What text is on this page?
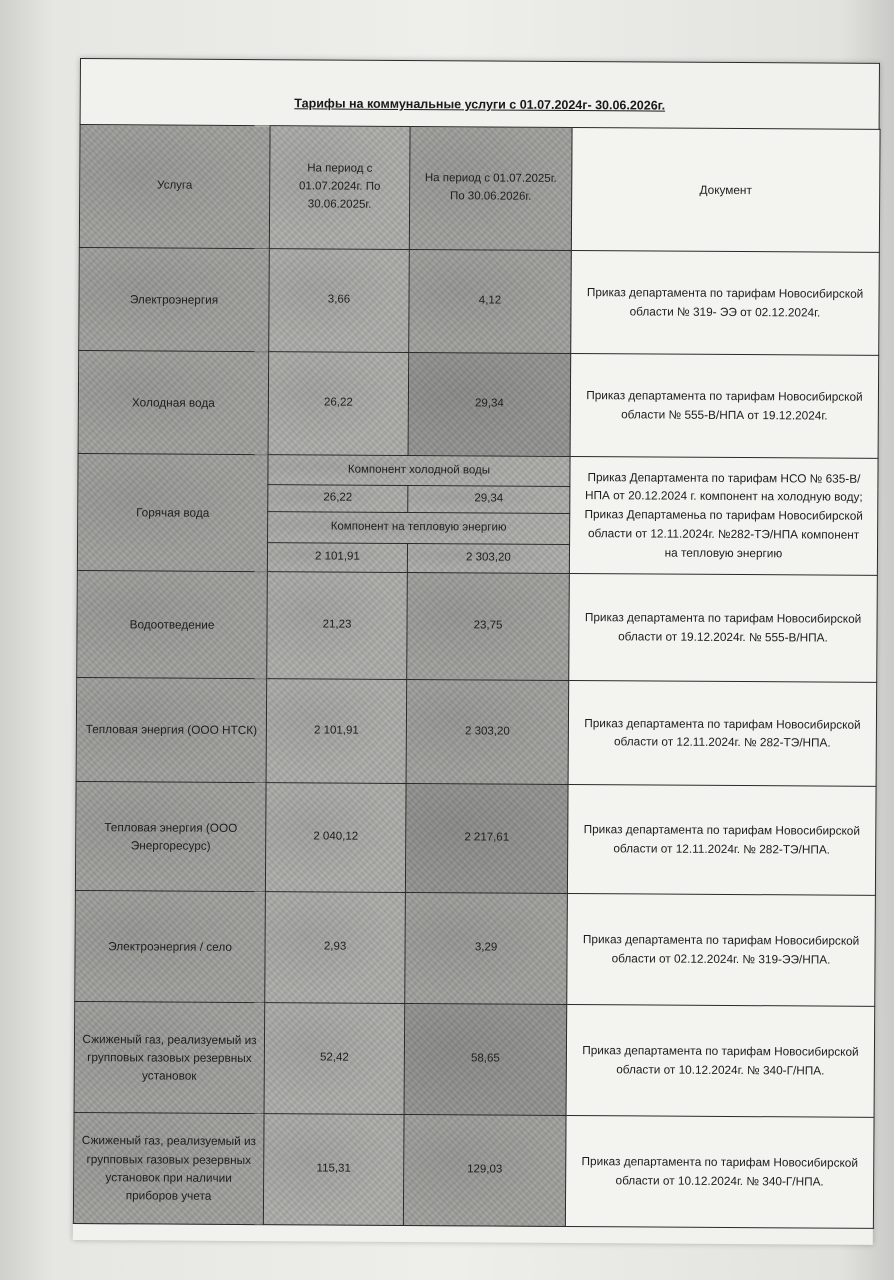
Тарифы на коммунальные услуги с 01.07.2024г- 30.06.2026г.
Услуга	На период с 01.07.2024г. По 30.06.2025г.	На период с 01.07.2025г. По 30.06.2026г.	Документ
Электроэнергия	3,66	4,12	Приказ департамента по тарифам Новосибирской области № 319- ЭЭ от 02.12.2024г.
Холодная вода	26,22	29,34	Приказ департамента по тарифам Новосибирской области № 555-В/НПА от 19.12.2024г.
Горячая вода	Компонент холодной воды		Приказ Департамента по тарифам НСО № 635-В/НПА от 20.12.2024 г. компонент на холодную воду; Приказ Департаменьа по тарифам Новосибирской области от 12.11.2024г. №282-ТЭ/НПА компонент на тепловую энергию
	26,22	29,34	
	Компонент на тепловую энергию		
	2 101,91	2 303,20	
Водоотведение	21,23	23,75	Приказ департамента по тарифам Новосибирской области от 19.12.2024г. № 555-В/НПА.
Тепловая энергия (ООО НТСК)	2 101,91	2 303,20	Приказ департамента по тарифам Новосибирской области от 12.11.2024г. № 282-ТЭ/НПА.
Тепловая энергия (ООО Энергоресурс)	2 040,12	2 217,61	Приказ департамента по тарифам Новосибирской области от 12.11.2024г. № 282-ТЭ/НПА.
Электроэнергия / село	2,93	3,29	Приказ департамента по тарифам Новосибирской области от 02.12.2024г. № 319-ЭЭ/НПА.
Сжиженый газ, реализуемый из групповых газовых резервных установок	52,42	58,65	Приказ департамента по тарифам Новосибирской области от 10.12.2024г. № 340-Г/НПА.
Сжиженый газ, реализуемый из групповых газовых резервных установок при наличии приборов учета	115,31	129,03	Приказ департамента по тарифам Новосибирской области от 10.12.2024г. № 340-Г/НПА.
